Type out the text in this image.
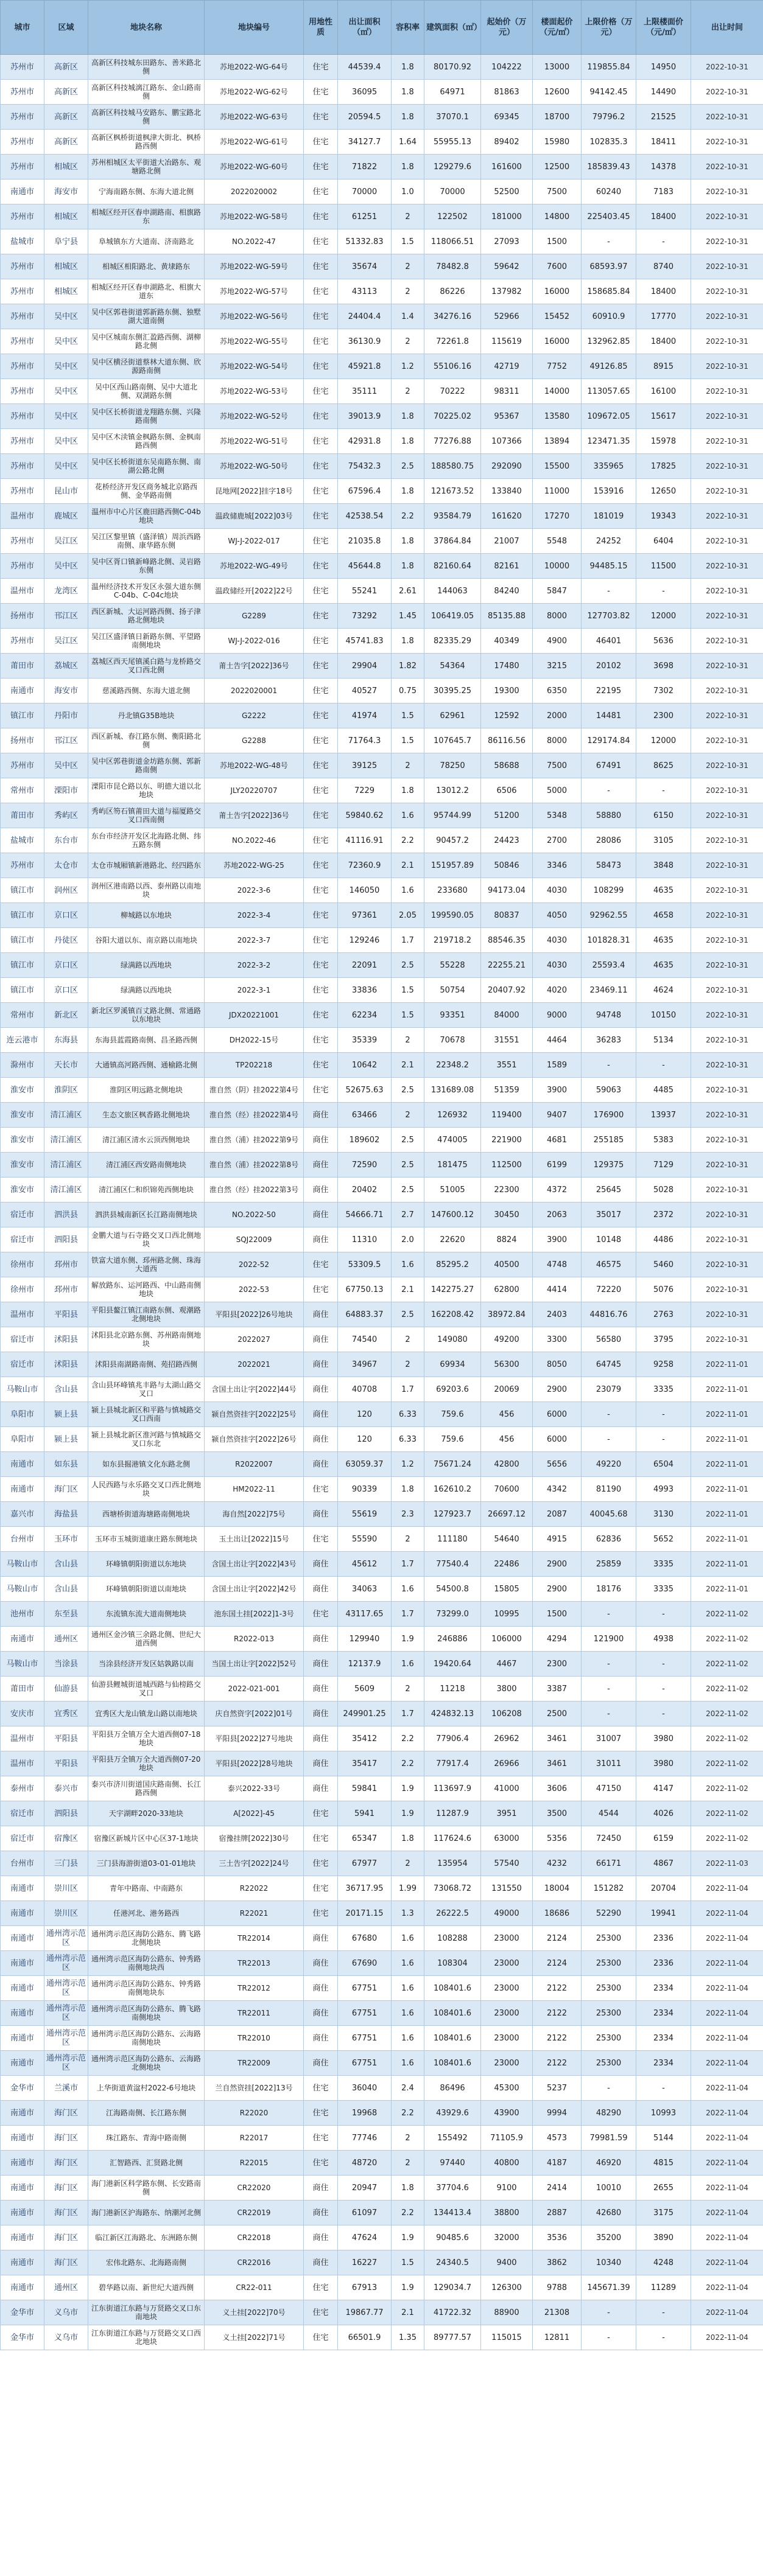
城市	区域	地块名称	地块编号	用地性质	出让面积（㎡）	容积率	建筑面积（㎡）	起始价（万元）	楼面起价（元/㎡）	上限价格（万元）	上限楼面价（元/㎡）	出让时间
苏州市	高新区	高新区科技城东田路东、善米路北侧	苏地2022-WG-64号	住宅	44539.4	1.8	80170.92	104222	13000	119855.84	14950	2022-10-31
苏州市	高新区	高新区科技城漓江路东、金山路南侧	苏地2022-WG-62号	住宅	36095	1.8	64971	81863	12600	94142.45	14490	2022-10-31
苏州市	高新区	高新区科技城马安路东、鹏宝路北侧	苏地2022-WG-63号	住宅	20594.5	1.8	37070.1	69345	18700	79796.2	21525	2022-10-31
苏州市	高新区	高新区枫桥街道枫津大街北、枫桥路西侧	苏地2022-WG-61号	住宅	34127.7	1.64	55955.13	89402	15980	102835.3	18411	2022-10-31
苏州市	相城区	苏州相城区太平街道大冶路东、观塘路北侧	苏地2022-WG-60号	住宅	71822	1.8	129279.6	161600	12500	185839.43	14378	2022-10-31
南通市	海安市	宁海南路东侧、东海大道北侧	2022020002	住宅	70000	1.0	70000	52500	7500	60240	7183	2022-10-31
苏州市	相城区	相城区经开区春申湖路南、相旗路东	苏地2022-WG-58号	住宅	61251	2	122502	181000	14800	225403.45	18400	2022-10-31
盐城市	阜宁县	阜城镇东方大道南、济南路北	NO.2022-47	住宅	51332.83	1.5	118066.51	27093	1500	-	-	2022-10-31
苏州市	相城区	相城区相阳路北、黄埭路东	苏地2022-WG-59号	住宅	35674	2	78482.8	59642	7600	68593.97	8740	2022-10-31
苏州市	相城区	相城区经开区春申湖路北、相旗大道东	苏地2022-WG-57号	住宅	43113	2	86226	137982	16000	158685.84	18400	2022-10-31
苏州市	吴中区	吴中区郭巷街道郭新路东侧、独墅湖大道南侧	苏地2022-WG-56号	住宅	24404.4	1.4	34276.16	52966	15452	60910.9	17770	2022-10-31
苏州市	吴中区	吴中区城南东侧汇盈路西侧、湖柳路北侧	苏地2022-WG-55号	住宅	36130.9	2	72261.8	115619	16000	132962.85	18400	2022-10-31
苏州市	吴中区	吴中区横泾街道蔡林大道东侧、欣源路南侧	苏地2022-WG-54号	住宅	45921.8	1.2	55106.16	42719	7752	49126.85	8915	2022-10-31
苏州市	吴中区	吴中区西山路南侧、吴中大道北侧、双湖路东侧	苏地2022-WG-53号	住宅	35111	2	70222	98311	14000	113057.65	16100	2022-10-31
苏州市	吴中区	吴中区长桥街道龙翔路东侧、兴隆路南侧	苏地2022-WG-52号	住宅	39013.9	1.8	70225.02	95367	13580	109672.05	15617	2022-10-31
苏州市	吴中区	吴中区木渎镇金枫路东侧、金枫南路西侧	苏地2022-WG-51号	住宅	42931.8	1.8	77276.88	107366	13894	123471.35	15978	2022-10-31
苏州市	吴中区	吴中区长桥街道东吴南路东侧、南湖公路北侧	苏地2022-WG-50号	住宅	75432.3	2.5	188580.75	292090	15500	335965	17825	2022-10-31
苏州市	昆山市	花桥经济开发区商务城北京路西侧、金华路南侧	昆地网[2022]挂字18号	住宅	67596.4	1.8	121673.52	133840	11000	153916	12650	2022-10-31
温州市	鹿城区	温州市中心片区鹿田路西侧C-04b地块	温政储鹿城[2022]03号	住宅	42538.54	2.2	93584.79	161620	17270	181019	19343	2022-10-31
苏州市	吴江区	吴江区黎里镇（盛泽镇）周浜西路南侧、康华路东侧	WJ-J-2022-017	住宅	21035.8	1.8	37864.84	21007	5548	24252	6404	2022-10-31
苏州市	吴中区	吴中区胥口镇新峰路北侧、灵岩路东侧	苏地2022-WG-49号	住宅	45644.8	1.8	82160.64	82161	10000	94485.15	11500	2022-10-31
温州市	龙湾区	温州经济技术开发区永强大道东侧C-04b、C-04c地块	温政储经开[2022]22号	住宅	55241	2.61	144063	84240	5847	-	-	2022-10-31
扬州市	邗江区	西区新城、大运河路西侧、扬子津路北侧地块	G2289	住宅	73292	1.45	106419.05	85135.88	8000	127703.82	12000	2022-10-31
苏州市	吴江区	吴江区盛泽镇日新路东侧、平望路南侧地块	WJ-J-2022-016	住宅	45741.83	1.8	82335.29	40349	4900	46401	5636	2022-10-31
莆田市	荔城区	荔城区西天尾镇溪白路与龙桥路交叉口西北侧	莆土告字[2022]36号	住宅	29904	1.82	54364	17480	3215	20102	3698	2022-10-31
南通市	海安市	慈溪路西侧、东海大道北侧	2022020001	住宅	40527	0.75	30395.25	19300	6350	22195	7302	2022-10-31
镇江市	丹阳市	丹北镇G35B地块	G2222	住宅	41974	1.5	62961	12592	2000	14481	2300	2022-10-31
扬州市	邗江区	西区新城、春江路东侧、衡阳路北侧	G2288	住宅	71764.3	1.5	107645.7	86116.56	8000	129174.84	12000	2022-10-31
苏州市	吴中区	吴中区郭巷街道金坊路东侧、郭新路南侧	苏地2022-WG-48号	住宅	39125	2	78250	58688	7500	67491	8625	2022-10-31
常州市	溧阳市	溧阳市昆仑路以东、明德大道以北地块	JLY20220707	住宅	7229	1.8	13012.2	6506	5000	-	-	2022-10-31
莆田市	秀屿区	秀屿区笏石镇莆田大道与福厦路交叉口西南侧	莆土告字[2022]36号	住宅	59840.62	1.6	95744.99	51200	5348	58880	6150	2022-10-31
盐城市	东台市	东台市经济开发区北海路北侧、纬五路东侧	NO.2022-46	住宅	41116.91	2.2	90457.2	24423	2700	28086	3105	2022-10-31
苏州市	太仓市	太仓市城厢镇新港路北、经四路东	苏地2022-WG-25	住宅	72360.9	2.1	151957.89	50846	3346	58473	3848	2022-10-31
镇江市	润州区	润州区港南路以西、泰州路以南地块	2022-3-6	住宅	146050	1.6	233680	94173.04	4030	108299	4635	2022-10-31
镇江市	京口区	柳城路以东地块	2022-3-4	住宅	97361	2.05	199590.05	80837	4050	92962.55	4658	2022-10-31
镇江市	丹徒区	谷阳大道以东、南京路以南地块	2022-3-7	住宅	129246	1.7	219718.2	88546.35	4030	101828.31	4635	2022-10-31
镇江市	京口区	绿满路以西地块	2022-3-2	住宅	22091	2.5	55228	22255.21	4030	25593.4	4635	2022-10-31
镇江市	京口区	绿满路以西地块	2022-3-1	住宅	33836	1.5	50754	20407.92	4020	23469.11	4624	2022-10-31
常州市	新北区	新北区罗溪镇百丈路北侧、常通路以东地块	JDX20221001	住宅	62234	1.5	93351	84000	9000	94748	10150	2022-10-31
连云港市	东海县	东海县蓝霞路南侧、昌圣路西侧	DH2022-15号	住宅	35339	2	70678	31551	4464	36283	5134	2022-10-31
滁州市	天长市	大通镇高河路西侧、通榆路北侧	TP202218	住宅	10642	2.1	22348.2	3551	1589	-	-	2022-10-31
淮安市	淮阴区	淮阴区明远路北侧地块	淮自然（阴）挂2022第4号	住宅	52675.63	2.5	131689.08	51359	3900	59063	4485	2022-10-31
淮安市	清江浦区	生态文旅区枫香路北侧地块	淮自然（经）挂2022第4号	商住	63466	2	126932	119400	9407	176900	13937	2022-10-31
淮安市	清江浦区	清江浦区清水云顶西侧地块	淮自然（浦）挂2022第9号	商住	189602	2.5	474005	221900	4681	255185	5383	2022-10-31
淮安市	清江浦区	清江浦区西安路南侧地块	淮自然（浦）挂2022第8号	商住	72590	2.5	181475	112500	6199	129375	7129	2022-10-31
淮安市	清江浦区	清江浦区仁和织锦苑西侧地块	淮自然（经）挂2022第3号	商住	20402	2.5	51005	22300	4372	25645	5028	2022-10-31
宿迁市	泗洪县	泗洪县城南新区长江路南侧地块	NO.2022-50	商住	54666.71	2.7	147600.12	30450	2063	35017	2372	2022-10-31
宿迁市	泗阳县	金鹏大道与石寺路交叉口西北侧地块	SQJ22009	商住	11310	2.0	22620	8824	3900	10148	4486	2022-10-31
徐州市	邳州市	铁富大道东侧、邳州路北侧、珠海大道西	2022-52	住宅	53309.5	1.6	85295.2	40500	4748	46575	5460	2022-10-31
徐州市	邳州市	解放路东、运河路西、中山路南侧地块	2022-53	住宅	67750.13	2.1	142275.27	62800	4414	72220	5076	2022-10-31
温州市	平阳县	平阳县鳌江镇江南路东侧、观潮路北侧地块	平阳县[2022]26号地块	商住	64883.37	2.5	162208.42	38972.84	2403	44816.76	2763	2022-10-31
宿迁市	沭阳县	沭阳县北京路东侧、苏州路南侧地块	2022027	商住	74540	2	149080	49200	3300	56580	3795	2022-10-31
宿迁市	沭阳县	沭阳县南湖路南侧、苑招路西侧	2022021	商住	34967	2	69934	56300	8050	64745	9258	2022-11-01
马鞍山市	含山县	含山县环峰镇兆丰路与太湖山路交叉口	含国土出让字[2022]44号	商住	40708	1.7	69203.6	20069	2900	23079	3335	2022-11-01
阜阳市	颍上县	颍上县城北新区和平路与慎城路交叉口西南	颍自然资挂字[2022]25号	商住	120	6.33	759.6	456	6000	-	-	2022-11-01
阜阳市	颍上县	颍上县城北新区淮河路与慎城路交叉口东北	颍自然资挂字[2022]26号	商住	120	6.33	759.6	456	6000	-	-	2022-11-01
南通市	如东县	如东县掘港镇文化东路北侧	R2022007	商住	63059.37	1.2	75671.24	42800	5656	49220	6504	2022-11-01
南通市	海门区	人民西路与永乐路交叉口西北侧地块	HM2022-11	住宅	90339	1.8	162610.2	70600	4342	81190	4993	2022-11-01
嘉兴市	海盐县	西塘桥街道海塘路南侧地块	海自然[2022]75号	商住	55619	2.3	127923.7	26697.12	2087	40045.68	3130	2022-11-01
台州市	玉环市	玉环市玉城街道康庄路东侧地块	玉土出让[2022]15号	住宅	55590	2	111180	54640	4915	62836	5652	2022-11-01
马鞍山市	含山县	环峰镇朝阳街道以东地块	含国土出让字[2022]43号	商住	45612	1.7	77540.4	22486	2900	25859	3335	2022-11-01
马鞍山市	含山县	环峰镇朝阳街道以南地块	含国土出让字[2022]42号	商住	34063	1.6	54500.8	15805	2900	18176	3335	2022-11-01
池州市	东至县	东流镇东流大道南侧地块	池东国土挂[2022]1-3号	住宅	43117.65	1.7	73299.0	10995	1500	-	-	2022-11-02
南通市	通州区	通州区金沙镇三余路北侧、世纪大道西侧	R2022-013	商住	129940	1.9	246886	106000	4294	121900	4938	2022-11-02
马鞍山市	当涂县	当涂县经济开发区姑孰路以南	当国土出让字[2022]52号	商住	12137.9	1.6	19420.64	4467	2300	-	-	2022-11-02
莆田市	仙游县	仙游县鲤城街道城西路与仙榜路交叉口	2022-021-001	商住	5609	2	11218	3800	3387	-	-	2022-11-02
安庆市	宜秀区	宜秀区大龙山镇龙山路以南地块	庆自然资字[2022]01号	商住	249901.25	1.7	424832.13	106208	2500	-	-	2022-11-02
温州市	平阳县	平阳县万全镇万全大道西侧07-18地块	平阳县[2022]27号地块	商住	35412	2.2	77906.4	26962	3461	31007	3980	2022-11-02
温州市	平阳县	平阳县万全镇万全大道西侧07-20地块	平阳县[2022]28号地块	商住	35417	2.2	77917.4	26966	3461	31011	3980	2022-11-02
泰州市	泰兴市	泰兴市济川街道国庆路南侧、长江路西侧	泰兴2022-33号	商住	59841	1.9	113697.9	41000	3606	47150	4147	2022-11-02
宿迁市	泗阳县	天宇湖畔2020-33地块	A[2022]-45	住宅	5941	1.9	11287.9	3951	3500	4544	4026	2022-11-02
宿迁市	宿豫区	宿豫区新城片区中心区37-1地块	宿豫挂牌[2022]30号	住宅	65347	1.8	117624.6	63000	5356	72450	6159	2022-11-02
台州市	三门县	三门县海游街道03-01-01地块	三土告字[2022]24号	住宅	67977	2	135954	57540	4232	66171	4867	2022-11-03
南通市	崇川区	青年中路南、中南路东	R22022	住宅	36717.95	1.99	73068.72	131550	18004	151282	20704	2022-11-04
南通市	崇川区	任港河北、港务路西	R22021	住宅	20171.15	1.3	26222.5	49000	18686	52290	19941	2022-11-04
南通市	通州湾示范区	通州湾示范区海防公路东、腾飞路北侧地块	TR22014	商住	67680	1.6	108288	23000	2124	25300	2336	2022-11-04
南通市	通州湾示范区	通州湾示范区海防公路东、钟秀路南侧地块西	TR22013	商住	67690	1.6	108304	23000	2124	25300	2336	2022-11-04
南通市	通州湾示范区	通州湾示范区海防公路东、钟秀路南侧地块东	TR22012	商住	67751	1.6	108401.6	23000	2122	25300	2334	2022-11-04
南通市	通州湾示范区	通州湾示范区海防公路东、腾飞路南侧地块	TR22011	商住	67751	1.6	108401.6	23000	2122	25300	2334	2022-11-04
南通市	通州湾示范区	通州湾示范区海防公路东、云海路南侧地块	TR22010	商住	67751	1.6	108401.6	23000	2122	25300	2334	2022-11-04
南通市	通州湾示范区	通州湾示范区海防公路东、云海路北侧地块	TR22009	商住	67751	1.6	108401.6	23000	2122	25300	2334	2022-11-04
金华市	兰溪市	上华街道黄湓村2022-6号地块	兰自然资挂[2022]13号	住宅	36040	2.4	86496	45300	5237	-	-	2022-11-04
南通市	海门区	江海路南侧、长江路东侧	R22020	住宅	19968	2.2	43929.6	43900	9994	48290	10993	2022-11-04
南通市	海门区	珠江路东、青海中路南侧	R22017	住宅	77746	2	155492	71105.9	4573	79981.59	5144	2022-11-04
南通市	海门区	汇智路西、汇贤路北侧	R22015	住宅	48720	2	97440	40800	4187	46920	4815	2022-11-04
南通市	海门区	海门港新区科学路东侧、长安路南侧	CR22020	商住	20947	1.8	37704.6	9100	2414	10010	2655	2022-11-04
南通市	海门区	海门港新区沪海路东、纳潮河北侧	CR22019	商住	61097	2.2	134413.4	38800	2887	42680	3175	2022-11-04
南通市	海门区	临江新区江海路北、东洲路东侧	CR22018	商住	47624	1.9	90485.6	32000	3536	35200	3890	2022-11-04
南通市	海门区	宏伟北路东、北海路南侧	CR22016	商住	16227	1.5	24340.5	9400	3862	10340	4248	2022-11-04
南通市	通州区	碧华路以南、新世纪大道西侧	CR22-011	住宅	67913	1.9	129034.7	126300	9788	145671.39	11289	2022-11-04
金华市	义乌市	江东街道江东路与万贤路交叉口东南地块	义土挂[2022]70号	住宅	19867.77	2.1	41722.32	88900	21308	-	-	2022-11-04
金华市	义乌市	江东街道江东路与万贤路交叉口西北地块	义土挂[2022]71号	住宅	66501.9	1.35	89777.57	115015	12811	-	-	2022-11-04
